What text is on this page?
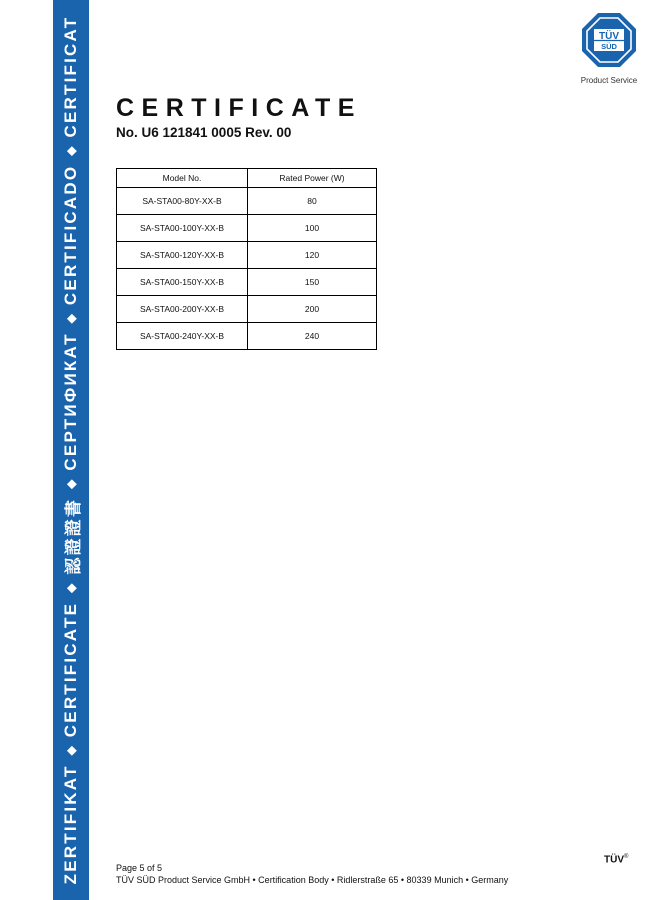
ZERTIFIKAT
◆
CERTIFICATE
◆
認證證書
◆
СЕРТИФИКАТ
◆
CERTIFICADO
◆
CERTIFICAT	TÜV
SÜD
Product Service
CERTIFICATE
No. U6 121841 0005 Rev. 00
Model No.	Rated Power (W)
SA-STA00-80Y-XX-B	80
SA-STA00-100Y-XX-B	100
SA-STA00-120Y-XX-B	120
SA-STA00-150Y-XX-B	150
SA-STA00-200Y-XX-B	200
SA-STA00-240Y-XX-B	240
Page 5 of 5
TÜV SÜD Product Service GmbH • Certification Body • Ridlerstraße 65 • 80339 Munich • Germany
TÜV®
